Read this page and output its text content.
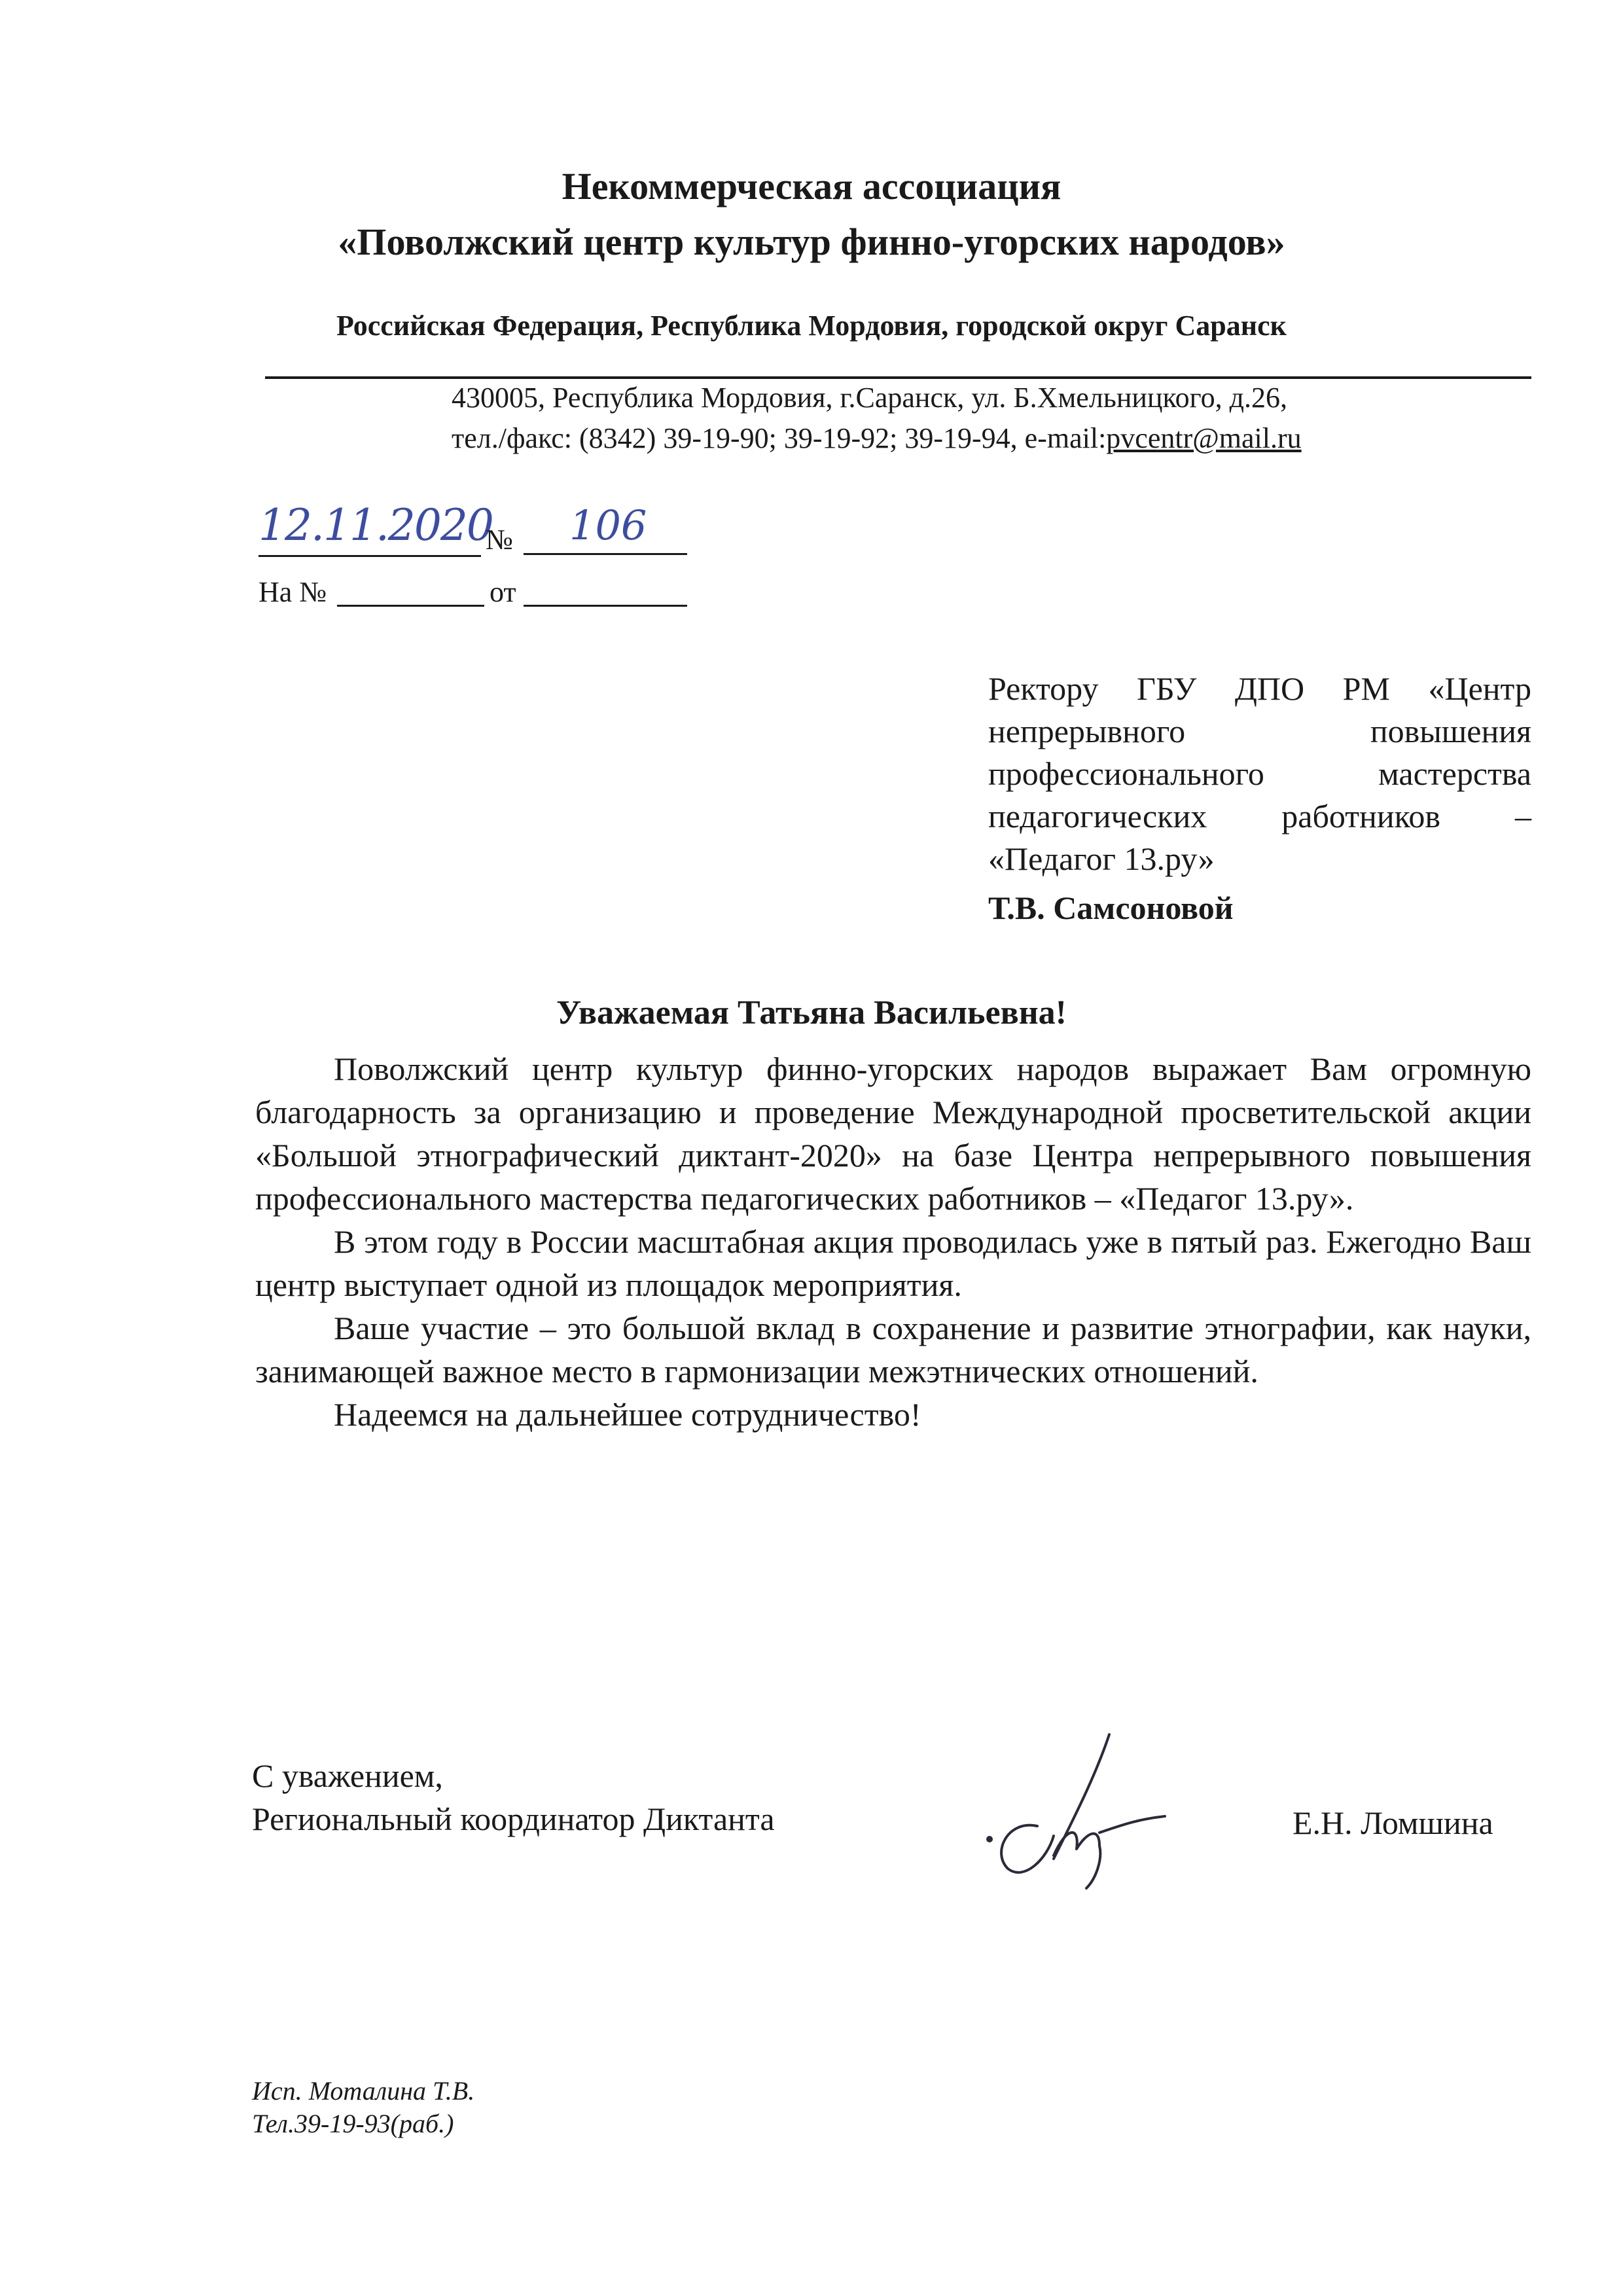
Некоммерческая ассоциация
«Поволжский центр культур финно-угорских народов»
Российская Федерация, Республика Мордовия, городской округ Саранск
430005, Республика Мордовия, г.Саранск, ул. Б.Хмельницкого, д.26,
тел./факс: (8342) 39-19-90; 39-19-92; 39-19-94, e-mail:pvcentr@mail.ru
12.11.2020
№	106
На №	от
Ректору ГБУ ДПО РМ «Центр
непрерывного повышения
профессионального мастерства
педагогических работников –
«Педагог 13.ру»
Т.В. Самсоновой
Уважаемая Татьяна Васильевна!

Поволжский центр культур финно-угорских народов выражает Вам огромную благодарность за организацию и проведение Международной просветительской акции «Большой этнографический диктант-2020» на базе Центра непрерывного повышения профессионального мастерства педагогических работников – «Педагог 13.ру».

В этом году в России масштабная акция проводилась уже в пятый раз. Ежегодно Ваш центр выступает одной из площадок мероприятия.

Ваше участие – это большой вклад в сохранение и развитие этнографии, как науки, занимающей важное место в гармонизации межэтнических отношений.

Надеемся на дальнейшее сотрудничество!

С уважением,
Региональный координатор Диктанта	Е.Н. Ломшина
Исп. Моталина Т.В.
Тел.39-19-93(раб.)
